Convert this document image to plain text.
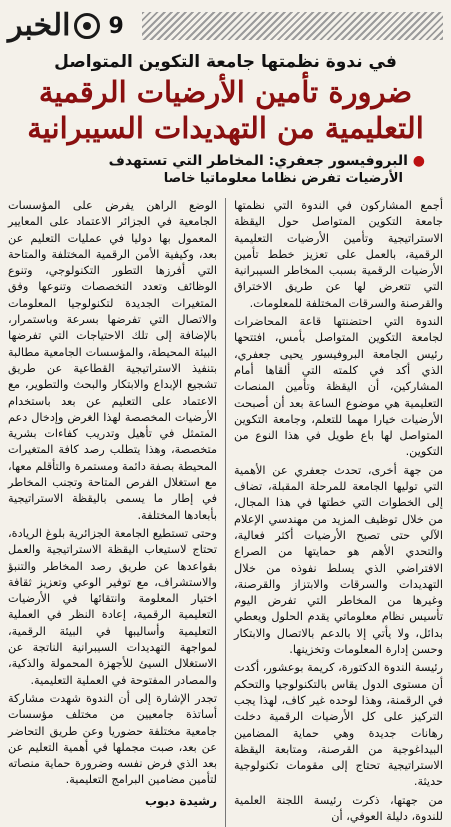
الخبر	9
في ندوة نظمتها جامعة التكوين المتواصل
ضرورة تأمين الأرضيات الرقمية
التعليمية من التهديدات السيبرانية
● البروفيسور جعفري: المخاطر التي تستهدف
الأرضيات تفرض نظاما معلوماتيا خاصا

أجمع المشاركون في الندوة التي نظمتها جامعة التكوين المتواصل حول اليقظة الاستراتيجية وتأمين الأرضيات التعليمية الرقمية، بالعمل على تعزيز خطط تأمين الأرضيات الرقمية بسبب المخاطر السيبرانية التي تتعرض لها عن طريق الاختراق والقرصنة والسرقات المختلفة للمعلومات.

الندوة التي احتضنتها قاعة المحاضرات لجامعة التكوين المتواصل بأمس، افتتحها رئيس الجامعة البروفيسور يحيى جعفري، الذي أكد في كلمته التي ألقاها أمام المشاركين، أن اليقظة وتأمين المنصات التعليمية هي موضوع الساعة بعد أن أصبحت الأرضيات خيارا مهما للتعلم، وجامعة التكوين المتواصل لها باع طويل في هذا النوع من التكوين.

من جهة أخرى، تحدث جعفري عن الأهمية التي توليها الجامعة للمرحلة المقبلة، تضاف إلى الخطوات التي خطتها في هذا المجال، من خلال توظيف المزيد من مهندسي الإعلام الآلي حتى تصبح الأرضيات أكثر فعالية، والتحدي الأهم هو حمايتها من الصراع الافتراضي الذي يسلط نفوذه من خلال التهديدات والسرقات والابتزاز والقرصنة، وغيرها من المخاطر التي تفرض اليوم تأسيس نظام معلوماتي يقدم الحلول ويعطي بدائل، ولا يأتي إلا بالدعم بالاتصال والابتكار وحسن إدارة المعلومات وتخزينها.

رئيسة الندوة الدكتورة، كريمة بوعشور، أكدت أن مستوى الدول يقاس بالتكنولوجيا والتحكم في الرقمنة، وهذا لوحده غير كاف، لهذا يجب التركيز على كل الأرضيات الرقمية دخلت رهانات جديدة وهي حماية المضامين البيداغوجية من القرصنة، ومتابعة اليقظة الاستراتيجية تحتاج إلى مقومات تكنولوجية حديثة.

من جهتها، ذكرت رئيسة اللجنة العلمية للندوة، دليلة العوفي، أن

الوضع الراهن يفرض على المؤسسات الجامعية في الجزائر الاعتماد على المعايير المعمول بها دوليا في عمليات التعليم عن بعد، وكيفية الأمن الرقمية المختلفة والمتاحة التي أفرزها التطور التكنولوجي، وتنوع الوظائف وتعدد التخصصات وتنوعها وفق المتغيرات الجديدة لتكنولوجيا المعلومات والاتصال التي تفرضها بسرعة وباستمرار، بالإضافة إلى تلك الاحتياجات التي تفرضها البيئة المحيطة، والمؤسسات الجامعية مطالبة بتنفيذ الاستراتيجية القطاعية عن طريق تشجيع الإبداع والابتكار والبحث والتطوير، مع الاعتماد على التعليم عن بعد باستخدام الأرضيات المخصصة لهذا الغرض وإدخال دعم المتمثل في تأهيل وتدريب كفاءات بشرية متخصصة، وهذا يتطلب رصد كافة المتغيرات المحيطة بصفة دائمة ومستمرة والتأقلم معها، مع استغلال الفرص المتاحة وتجنب المخاطر في إطار ما يسمى باليقظة الاستراتيجية بأبعادها المختلفة.

وحتى تستطيع الجامعة الجزائرية بلوغ الريادة، تحتاج لاستيعاب اليقظة الاستراتيجية والعمل بقواعدها عن طريق رصد المخاطر والتنبؤ والاستشراف، مع توفير الوعي وتعزيز ثقافة اختيار المعلومة وانتقائها في الأرضيات التعليمية الرقمية، إعادة النظر في العملية التعليمية وأساليبها في البيئة الرقمية، لمواجهة التهديدات السيبرانية الناتجة عن الاستغلال السيئ للأجهزة المحمولة والذكية، والمصادر المفتوحة في العملية التعليمية.

تجدر الإشارة إلى أن الندوة شهدت مشاركة أساتذة جامعيين من مختلف مؤسسات جامعية مختلفة حضوريا وعن طريق التحاضر عن بعد، صبت مجملها في أهمية التعليم عن بعد الذي فرض نفسه وضرورة حماية منصاته لتأمين مضامين البرامج التعليمية.

رشيدة دبوب
